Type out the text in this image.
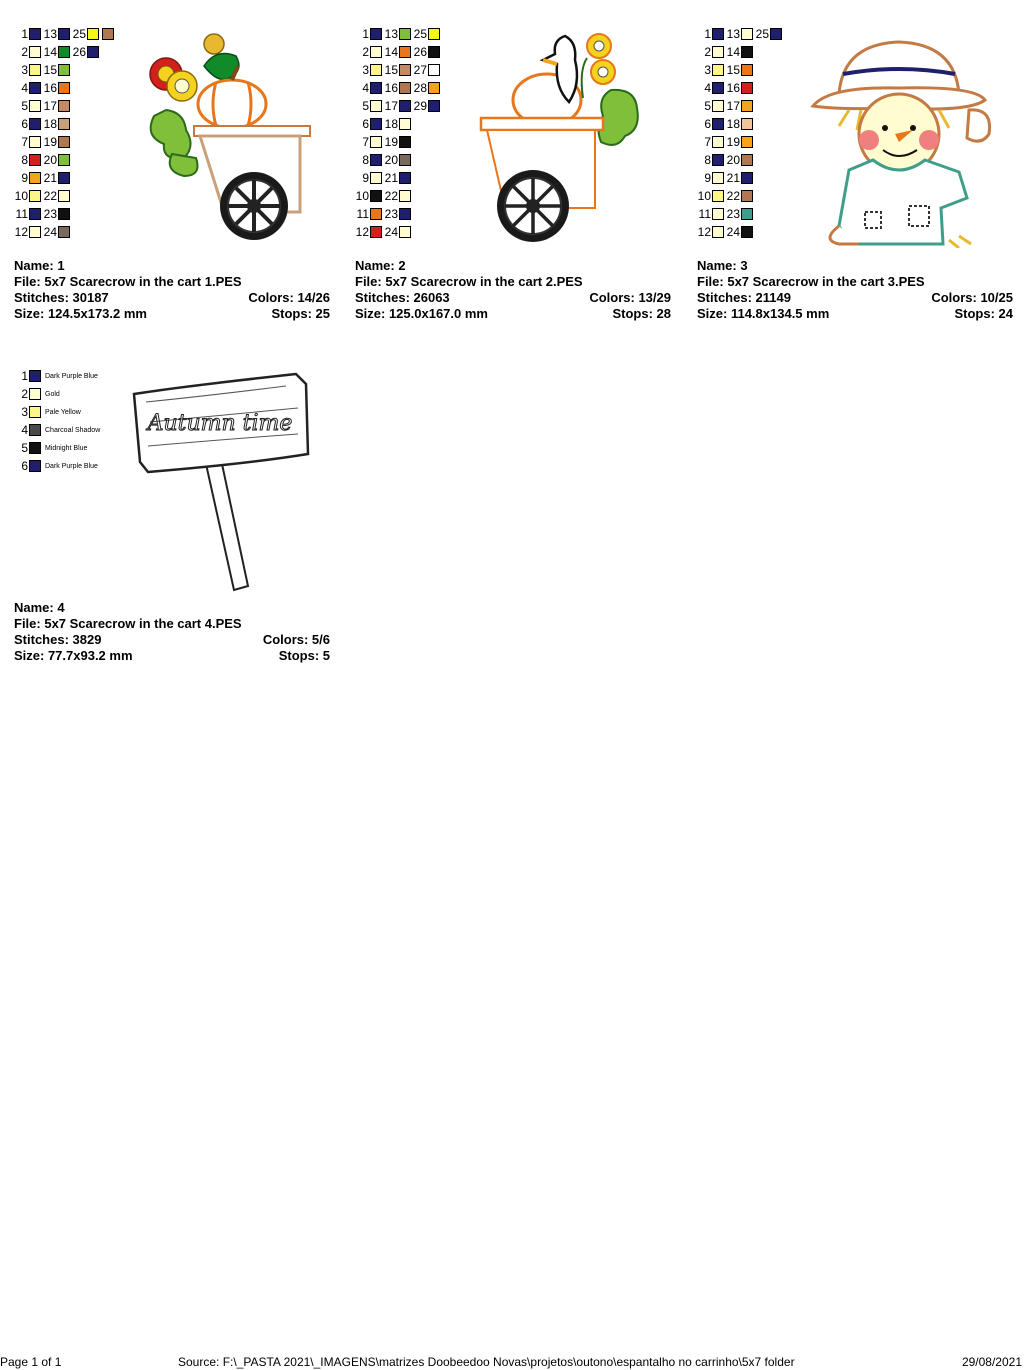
1 13 25
2 14 26
3 15
4 16
5 17
6 18
7 19
8 20
9 21
10 22
11 23
12 24
Name: 1
File: 5x7 Scarecrow in the cart 1.PES
Stitches: 30187	Colors: 14/26
Size: 124.5x173.2 mm	Stops: 25
1 13 25
2 14 26
3 15 27
4 16 28
5 17 29
6 18
7 19
8 20
9 21
10 22
11 23
12 24
Name: 2
File: 5x7 Scarecrow in the cart 2.PES
Stitches: 26063	Colors: 13/29
Size: 125.0x167.0 mm	Stops: 28
1 13 25
2 14
3 15
4 16
5 17
6 18
7 19
8 20
9 21
10 22
11 23
12 24
Name: 3
File: 5x7 Scarecrow in the cart 3.PES
Stitches: 21149	Colors: 10/25
Size: 114.8x134.5 mm	Stops: 24
1 Dark Purple Blue
2 Gold
3 Pale Yellow
4 Charcoal Shadow
5 Midnight Blue
6 Dark Purple Blue
Autumn time
Name: 4
File: 5x7 Scarecrow in the cart 4.PES
Stitches: 3829	Colors: 5/6
Size: 77.7x93.2 mm	Stops: 5
Page 1 of 1	Source: F:\_PASTA 2021\_IMAGENS\matrizes Doobeedoo Novas\projetos\outono\espantalho no carrinho\5x7 folder	29/08/2021
